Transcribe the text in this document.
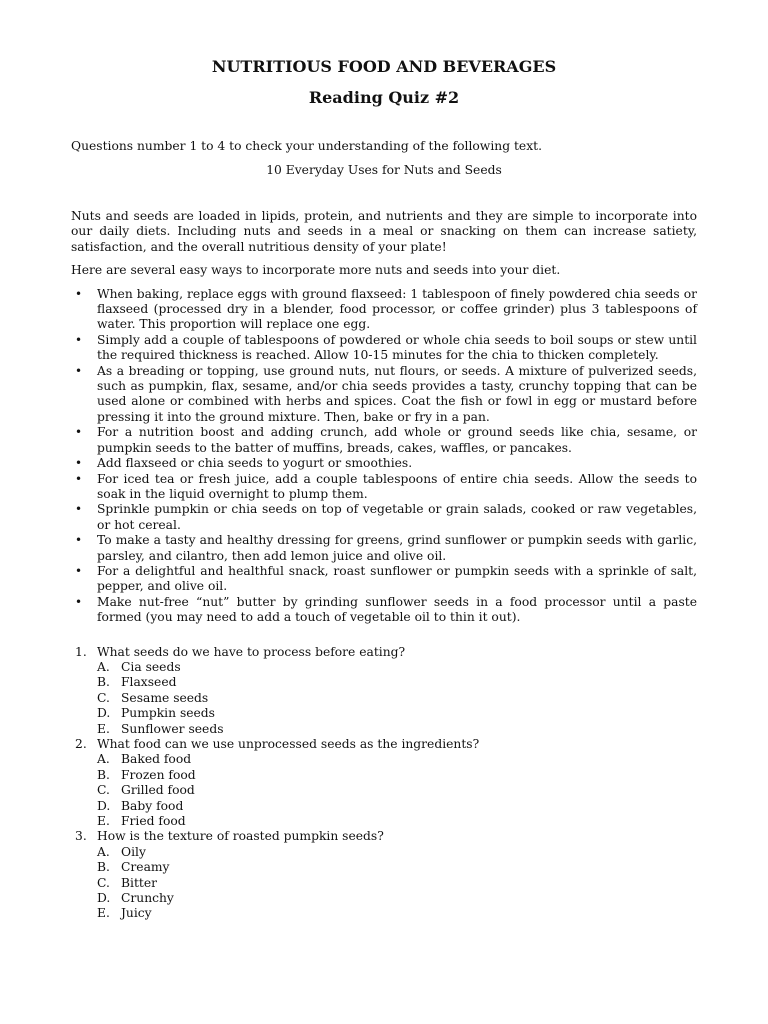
NUTRITIOUS FOOD AND BEVERAGES
Reading Quiz #2

Questions number 1 to 4 to check your understanding of the following text.

10 Everyday Uses for Nuts and Seeds

Nuts and seeds are loaded in lipids, protein, and nutrients and they are simple to incorporate into our daily diets. Including nuts and seeds in a meal or snacking on them can increase satiety, satisfaction, and the overall nutritious density of your plate!

Here are several easy ways to incorporate more nuts and seeds into your diet.

• When baking, replace eggs with ground flaxseed: 1 tablespoon of finely powdered chia seeds or flaxseed (processed dry in a blender, food processor, or coffee grinder) plus 3 tablespoons of water. This proportion will replace one egg.
• Simply add a couple of tablespoons of powdered or whole chia seeds to boil soups or stew until the required thickness is reached. Allow 10-15 minutes for the chia to thicken completely.
• As a breading or topping, use ground nuts, nut flours, or seeds. A mixture of pulverized seeds, such as pumpkin, flax, sesame, and/or chia seeds provides a tasty, crunchy topping that can be used alone or combined with herbs and spices. Coat the fish or fowl in egg or mustard before pressing it into the ground mixture. Then, bake or fry in a pan.
• For a nutrition boost and adding crunch, add whole or ground seeds like chia, sesame, or pumpkin seeds to the batter of muffins, breads, cakes, waffles, or pancakes.
• Add flaxseed or chia seeds to yogurt or smoothies.
• For iced tea or fresh juice, add a couple tablespoons of entire chia seeds. Allow the seeds to soak in the liquid overnight to plump them.
• Sprinkle pumpkin or chia seeds on top of vegetable or grain salads, cooked or raw vegetables, or hot cereal.
• To make a tasty and healthy dressing for greens, grind sunflower or pumpkin seeds with garlic, parsley, and cilantro, then add lemon juice and olive oil.
• For a delightful and healthful snack, roast sunflower or pumpkin seeds with a sprinkle of salt, pepper, and olive oil.
• Make nut-free “nut” butter by grinding sunflower seeds in a food processor until a paste formed (you may need to add a touch of vegetable oil to thin it out).
1. What seeds do we have to process before eating?
A. Cia seeds
B. Flaxseed
C. Sesame seeds
D. Pumpkin seeds
E. Sunflower seeds
2. What food can we use unprocessed seeds as the ingredients?
A. Baked food
B. Frozen food
C. Grilled food
D. Baby food
E. Fried food
3. How is the texture of roasted pumpkin seeds?
A. Oily
B. Creamy
C. Bitter
D. Crunchy
E. Juicy
